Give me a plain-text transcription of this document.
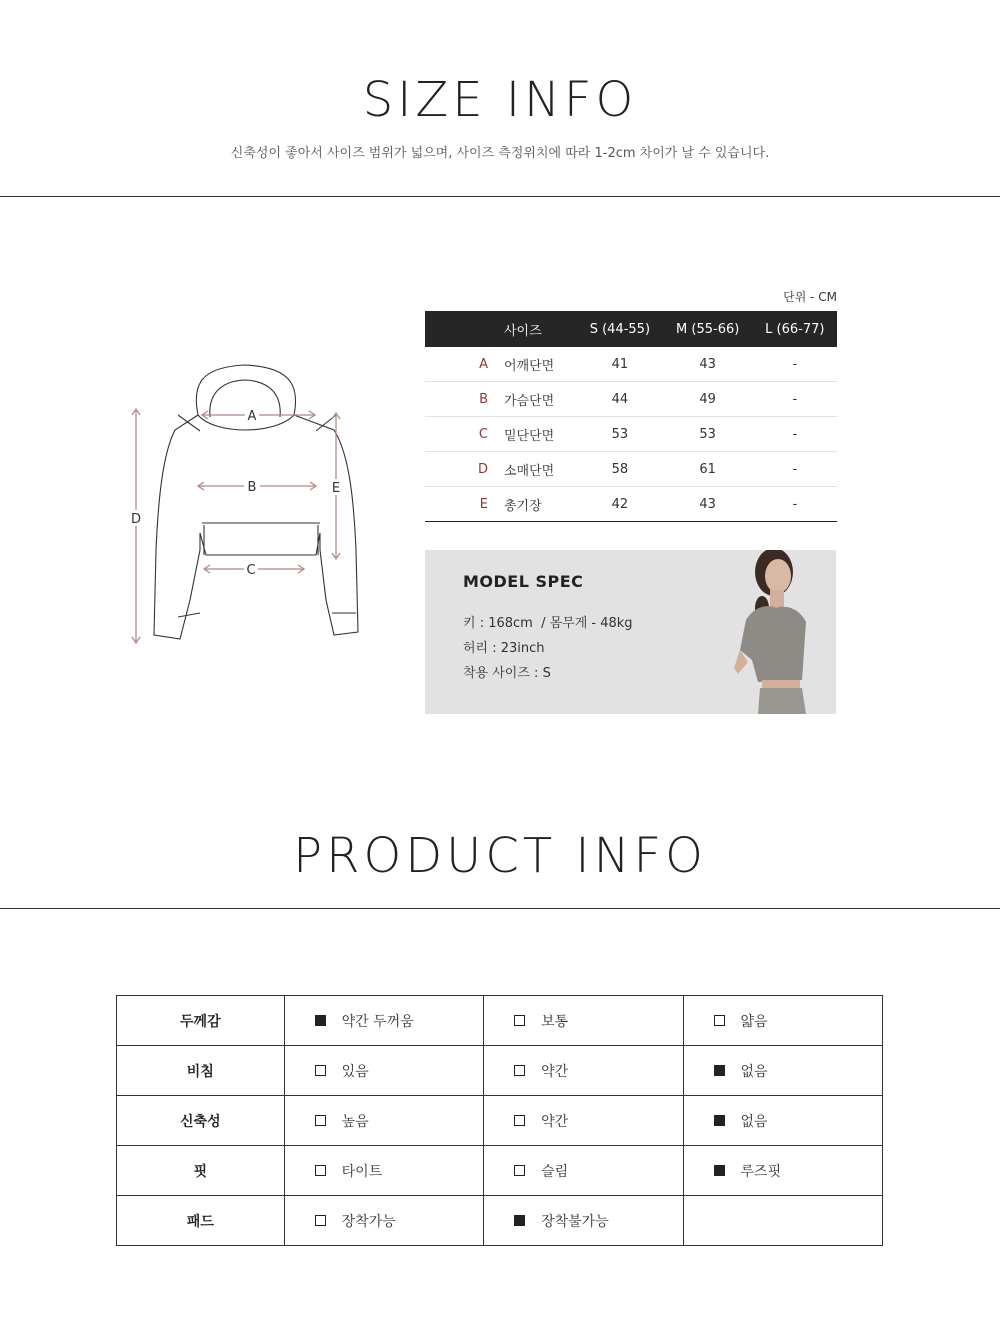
SIZE INFO
신축성이 좋아서 사이즈 범위가 넓으며, 사이즈 측정위치에 따라 1-2cm 차이가 날 수 있습니다.
A
B
C
D
E
단위 - CM
	사이즈	S (44-55)	M (55-66)	L (66-77)
A	어깨단면	41	43	-
B	가슴단면	44	49	-
C	밑단단면	53	53	-
D	소매단면	58	61	-
E	총기장	42	43	-
MODEL SPEC
키 : 168cm  / 몸무게 - 48kg
허리 : 23inch
착용 사이즈 : S
PRODUCT INFO
두께감	약간 두꺼움	보통	얇음
비침	있음	약간	없음
신축성	높음	약간	없음
핏	타이트	슬림	루즈핏
패드	장착가능	장착불가능	
